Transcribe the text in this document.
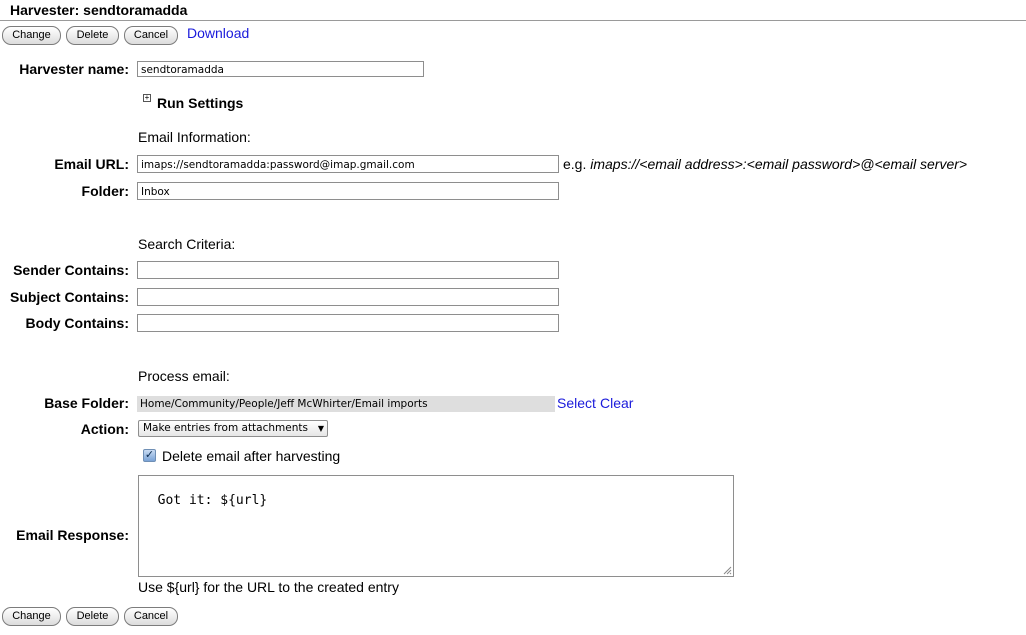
Harvester: sendtoramadda
Change	Delete	Cancel	Download
Harvester name:	sendtoramadda
+ Run Settings
Email Information:
Email URL:	imaps://sendtoramadda:password@imap.gmail.com	e.g. imaps://<email address>:<email password>@<email server>
Folder:	Inbox
Search Criteria:
Sender Contains:
Subject Contains:
Body Contains:
Process email:
Base Folder: Home/Community/People/Jeff McWhirter/Email imports	Select Clear
Action:	Make entries from attachments ▼
✓ Delete email after harvesting
Email Response:

Got it: ${url}

Use ${url} for the URL to the created entry
Change	Delete	Cancel
